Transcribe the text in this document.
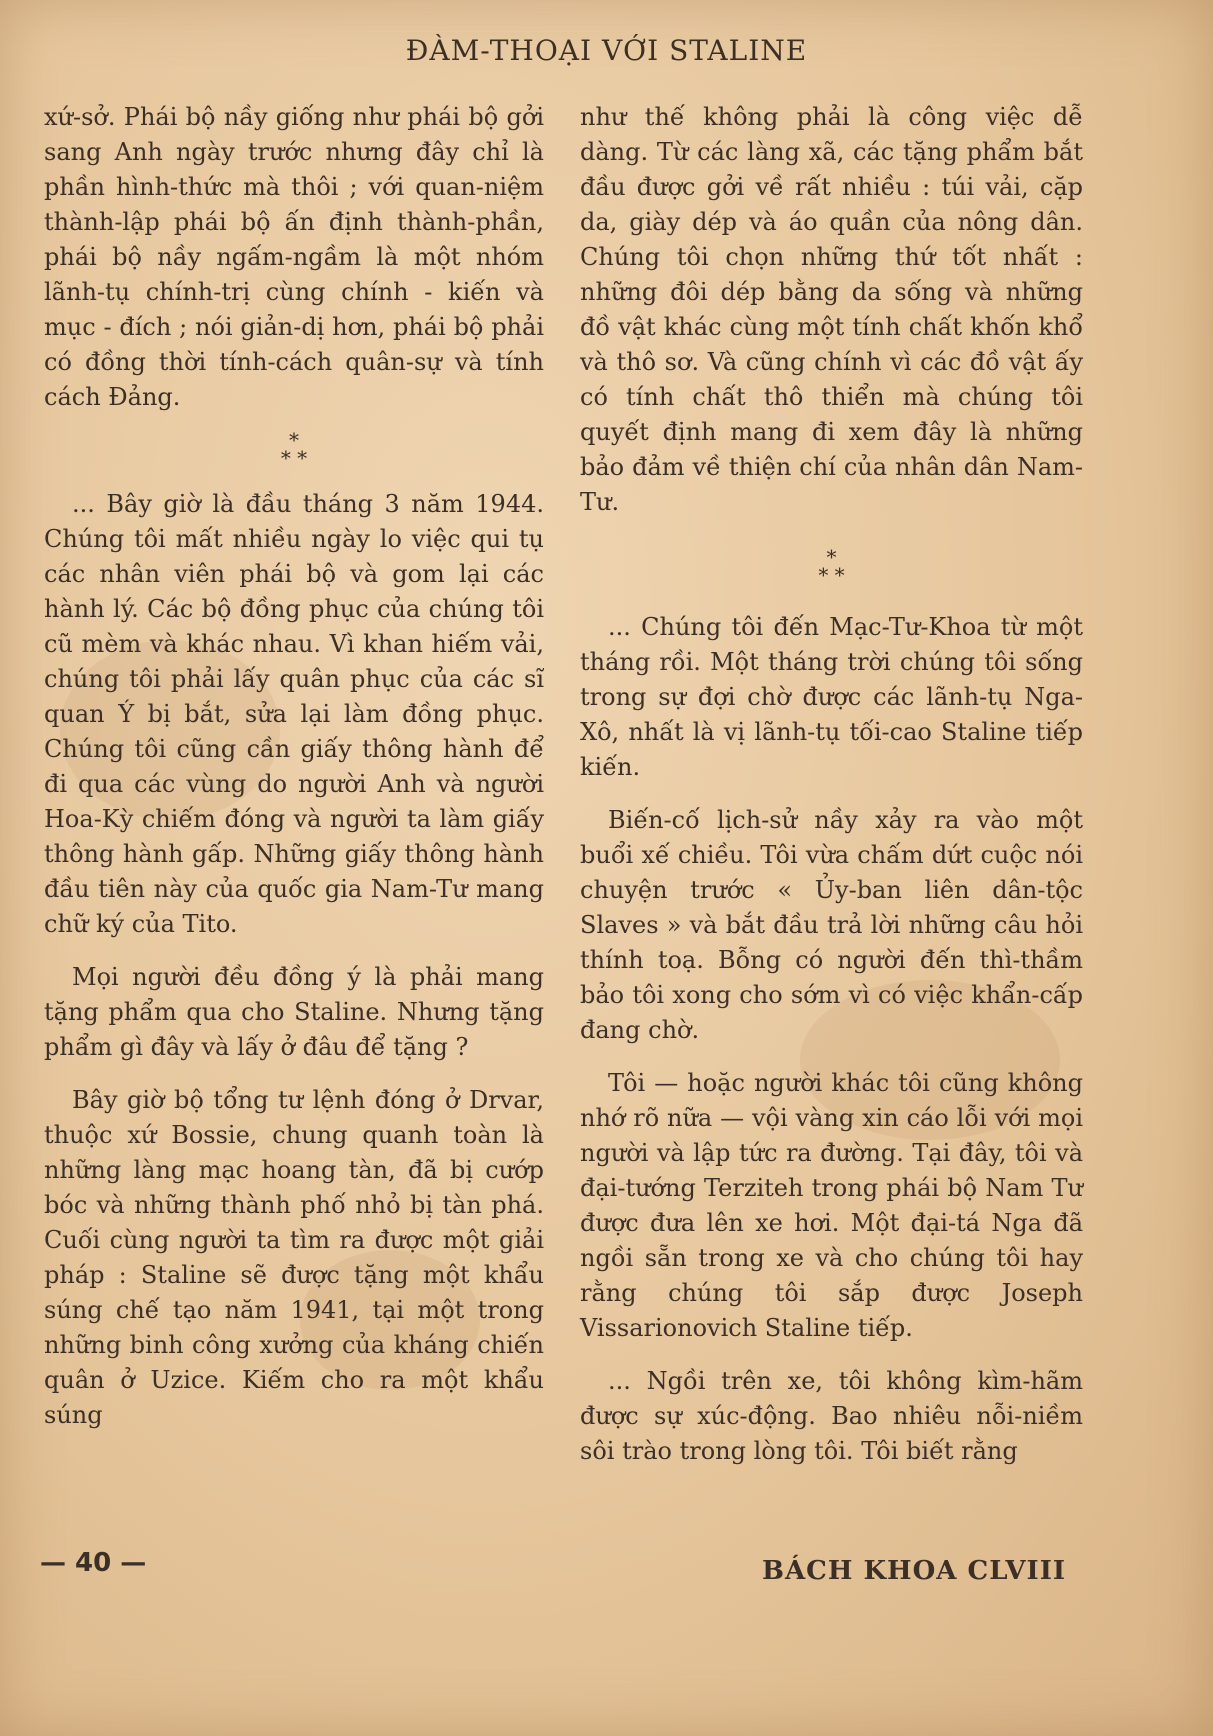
ĐÀM-THOẠI VỚI STALINE

xứ-sở. Phái bộ nầy giống như phái bộ gởi sang Anh ngày trước nhưng đây chỉ là phần hình-thức mà thôi ; với quan-niệm thành-lập phái bộ ấn định thành-phần, phái bộ nầy ngấm-ngầm là một nhóm lãnh-tụ chính-trị cùng chính - kiến và mục - đích ; nói giản-dị hơn, phái bộ phải có đồng thời tính-cách quân-sự và tính cách Đảng.

*
* *

... Bây giờ là đầu tháng 3 năm 1944. Chúng tôi mất nhiều ngày lo việc qui tụ các nhân viên phái bộ và gom lại các hành lý. Các bộ đồng phục của chúng tôi cũ mèm và khác nhau. Vì khan hiếm vải, chúng tôi phải lấy quân phục của các sĩ quan Ý bị bắt, sửa lại làm đồng phục. Chúng tôi cũng cần giấy thông hành để đi qua các vùng do người Anh và người Hoa-Kỳ chiếm đóng và người ta làm giấy thông hành gấp. Những giấy thông hành đầu tiên này của quốc gia Nam-Tư mang chữ ký của Tito.

Mọi người đều đồng ý là phải mang tặng phẩm qua cho Staline. Nhưng tặng phẩm gì đây và lấy ở đâu để tặng ?

Bây giờ bộ tổng tư lệnh đóng ở Drvar, thuộc xứ Bossie, chung quanh toàn là những làng mạc hoang tàn, đã bị cướp bóc và những thành phố nhỏ bị tàn phá. Cuối cùng người ta tìm ra được một giải pháp : Staline sẽ được tặng một khẩu súng chế tạo năm 1941, tại một trong những binh công xưởng của kháng chiến quân ở Uzice. Kiếm cho ra một khẩu súng

như thế không phải là công việc dễ dàng. Từ các làng xã, các tặng phẩm bắt đầu được gởi về rất nhiều : túi vải, cặp da, giày dép và áo quần của nông dân. Chúng tôi chọn những thứ tốt nhất : những đôi dép bằng da sống và những đồ vật khác cùng một tính chất khốn khổ và thô sơ. Và cũng chính vì các đồ vật ấy có tính chất thô thiển mà chúng tôi quyết định mang đi xem đây là những bảo đảm về thiện chí của nhân dân Nam-Tư.

*
* *

... Chúng tôi đến Mạc-Tư-Khoa từ một tháng rồi. Một tháng trời chúng tôi sống trong sự đợi chờ được các lãnh-tụ Nga-Xô, nhất là vị lãnh-tụ tối-cao Staline tiếp kiến.

Biến-cố lịch-sử nầy xảy ra vào một buổi xế chiều. Tôi vừa chấm dứt cuộc nói chuyện trước « Ủy-ban liên dân-tộc Slaves » và bắt đầu trả lời những câu hỏi thính toạ. Bỗng có người đến thì-thầm bảo tôi xong cho sớm vì có việc khẩn-cấp đang chờ.

Tôi — hoặc người khác tôi cũng không nhớ rõ nữa — vội vàng xin cáo lỗi với mọi người và lập tức ra đường. Tại đây, tôi và đại-tướng Terziteh trong phái bộ Nam Tư được đưa lên xe hơi. Một đại-tá Nga đã ngồi sẵn trong xe và cho chúng tôi hay rằng chúng tôi sắp được Joseph Vissarionovich Staline tiếp.

... Ngồi trên xe, tôi không kìm-hãm được sự xúc-động. Bao nhiêu nỗi-niềm sôi trào trong lòng tôi. Tôi biết rằng

— 40 —	BÁCH KHOA CLVIII
